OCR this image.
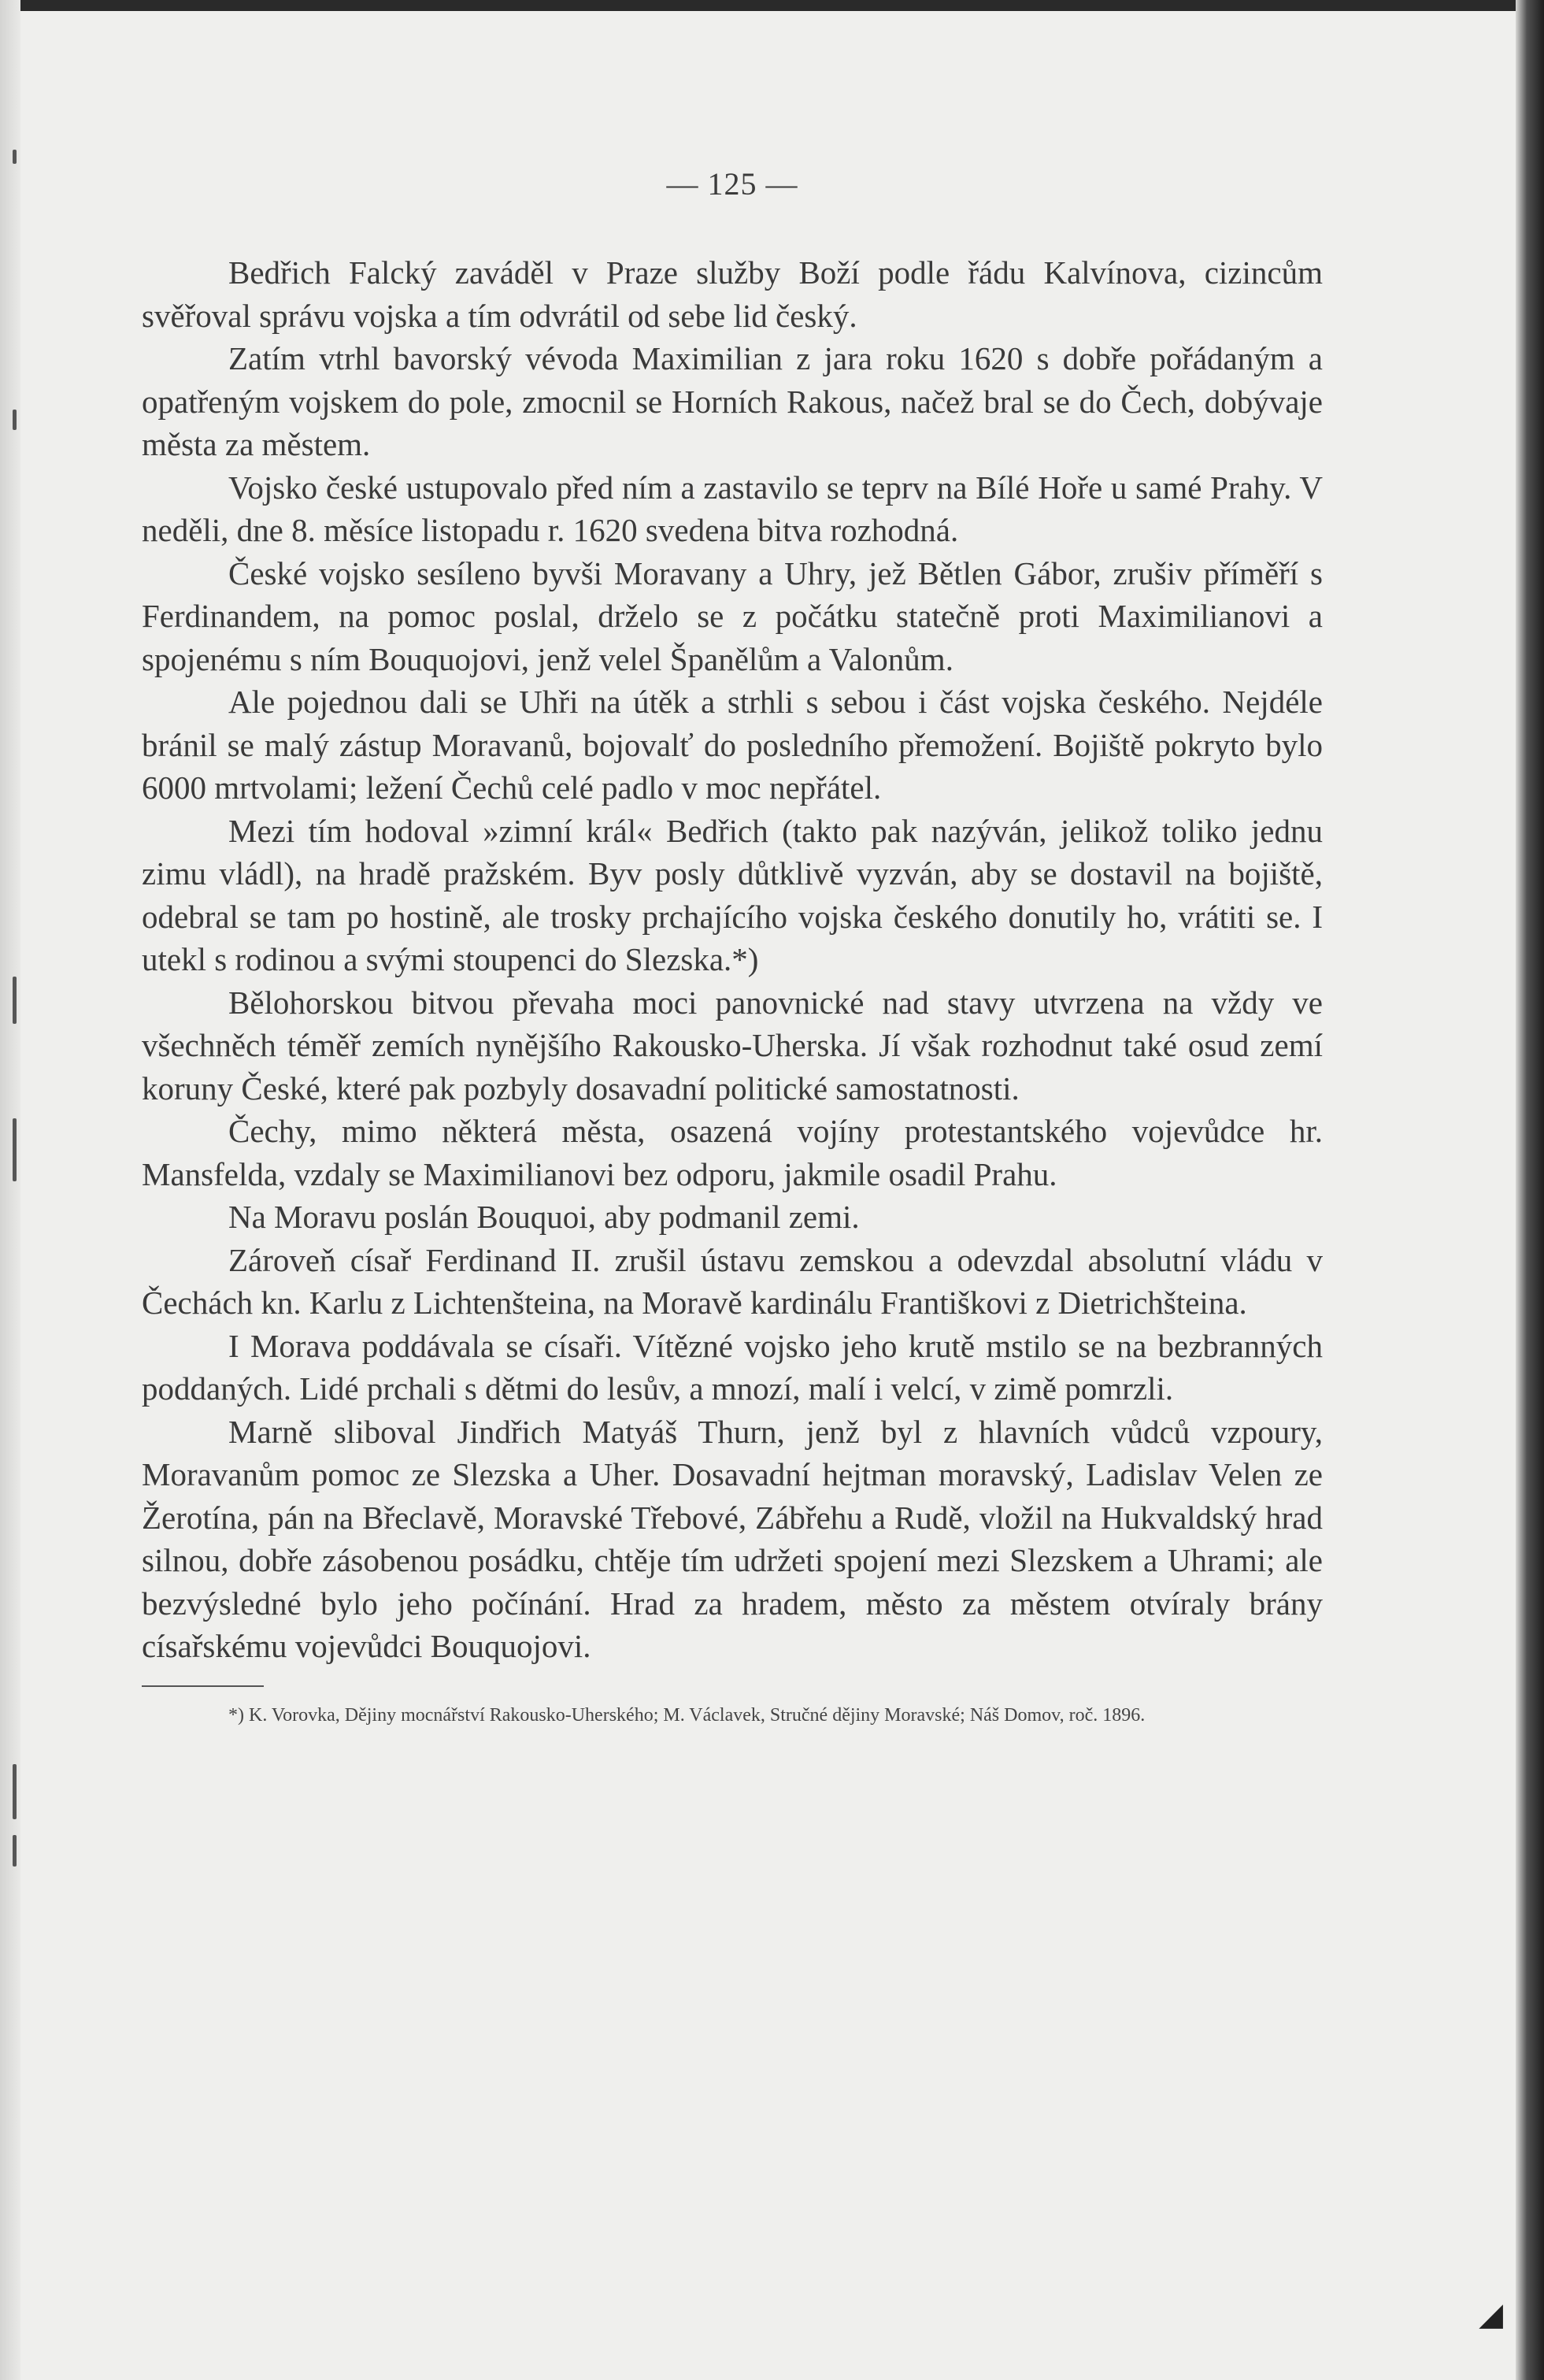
— 125 —

Bedřich Falcký zaváděl v Praze služby Boží podle řádu Kalvínova, cizincům svěřoval správu vojska a tím odvrátil od sebe lid český.

Zatím vtrhl bavorský vévoda Maximilian z jara roku 1620 s dobře pořádaným a opatřeným vojskem do pole, zmocnil se Horních Rakous, načež bral se do Čech, dobývaje města za městem.

Vojsko české ustupovalo před ním a zastavilo se teprv na Bílé Hoře u samé Prahy. V neděli, dne 8. měsíce listopadu r. 1620 svedena bitva rozhodná.

České vojsko sesíleno byvši Moravany a Uhry, jež Bětlen Gábor, zrušiv příměří s Ferdinandem, na pomoc poslal, drželo se z počátku statečně proti Maximilianovi a spojenému s ním Bouquojovi, jenž velel Španělům a Valonům.

Ale pojednou dali se Uhři na útěk a strhli s sebou i část vojska českého. Nejdéle bránil se malý zástup Moravanů, bojovalť do posledního přemožení. Bojiště pokryto bylo 6000 mrtvolami; ležení Čechů celé padlo v moc nepřátel.

Mezi tím hodoval »zimní král« Bedřich (takto pak nazýván, jelikož toliko jednu zimu vládl), na hradě pražském. Byv posly důtklivě vyzván, aby se dostavil na bojiště, odebral se tam po hostině, ale trosky prchajícího vojska českého donutily ho, vrátiti se. I utekl s rodinou a svými stoupenci do Slezska.*)

Bělohorskou bitvou převaha moci panovnické nad stavy utvrzena na vždy ve všechněch téměř zemích nynějšího Rakousko-Uherska. Jí však rozhodnut také osud zemí koruny České, které pak pozbyly dosavadní politické samostatnosti.

Čechy, mimo některá města, osazená vojíny protestantského vojevůdce hr. Mansfelda, vzdaly se Maximilianovi bez odporu, jakmile osadil Prahu.

Na Moravu poslán Bouquoi, aby podmanil zemi.

Zároveň císař Ferdinand II. zrušil ústavu zemskou a odevzdal absolutní vládu v Čechách kn. Karlu z Lichtenšteina, na Moravě kardinálu Františkovi z Dietrichšteina.

I Morava poddávala se císaři. Vítězné vojsko jeho krutě mstilo se na bezbranných poddaných. Lidé prchali s dětmi do lesův, a mnozí, malí i velcí, v zimě pomrzli.

Marně sliboval Jindřich Matyáš Thurn, jenž byl z hlavních vůdců vzpoury, Moravanům pomoc ze Slezska a Uher. Dosavadní hejtman moravský, Ladislav Velen ze Žerotína, pán na Břeclavě, Moravské Třebové, Zábřehu a Rudě, vložil na Hukvaldský hrad silnou, dobře zásobenou posádku, chtěje tím udržeti spojení mezi Slezskem a Uhrami; ale bezvýsledné bylo jeho počínání. Hrad za hradem, město za městem otvíraly brány císařskému vojevůdci Bouquojovi.

*) K. Vorovka, Dějiny mocnářství Rakousko-Uherského; M. Václavek, Stručné dějiny Moravské; Náš Domov, roč. 1896.

◢
